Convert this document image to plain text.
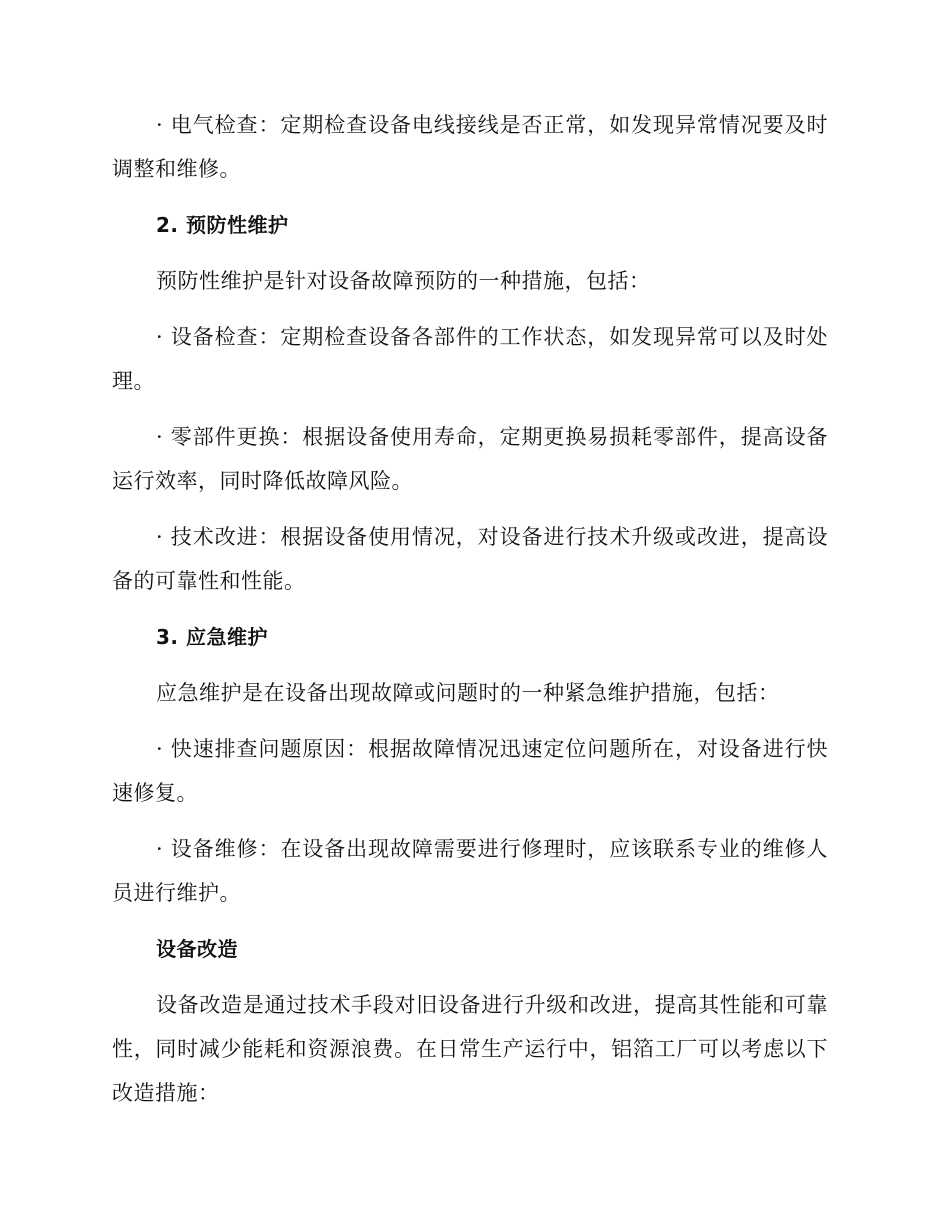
· 电气检查：定期检查设备电线接线是否正常，如发现异常情况要及时调整和维修。

2. 预防性维护

预防性维护是针对设备故障预防的一种措施，包括：

· 设备检查：定期检查设备各部件的工作状态，如发现异常可以及时处理。

· 零部件更换：根据设备使用寿命，定期更换易损耗零部件，提高设备运行效率，同时降低故障风险。

· 技术改进：根据设备使用情况，对设备进行技术升级或改进，提高设备的可靠性和性能。

3. 应急维护

应急维护是在设备出现故障或问题时的一种紧急维护措施，包括：

· 快速排查问题原因：根据故障情况迅速定位问题所在，对设备进行快速修复。

· 设备维修：在设备出现故障需要进行修理时，应该联系专业的维修人员进行维护。

设备改造

设备改造是通过技术手段对旧设备进行升级和改进，提高其性能和可靠性，同时减少能耗和资源浪费。在日常生产运行中，铝箔工厂可以考虑以下改造措施：
